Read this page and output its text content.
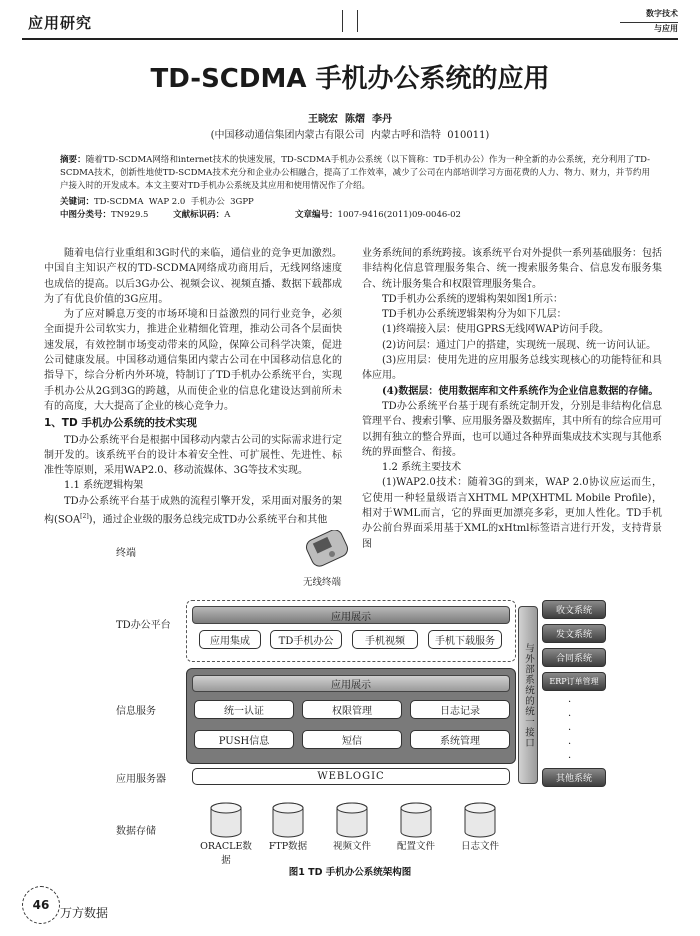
应用研究
数字技术
与应用
TD-SCDMA 手机办公系统的应用
王晓宏  陈熠  李丹
(中国移动通信集团内蒙古有限公司  内蒙古呼和浩特  010011)
摘要：随着TD-SCDMA网络和internet技术的快速发展，TD-SCDMA手机办公系统（以下简称：TD手机办公）作为一种全新的办公系统，充分利用了TD-SCDMA技术，创新性地使TD-SCDMA技术充分和企业办公相融合，提高了工作效率，减少了公司在内部培训学习方面花费的人力、物力、财力，并节约用户接入时的开发成本。本文主要对TD手机办公系统及其应用和使用情况作了介绍。
关键词：TD-SCDMA  WAP 2.0  手机办公  3GPP
中图分类号：TN929.5	文献标识码：A	文章编号：1007-9416(2011)09-0046-02

随着电信行业重组和3G时代的来临，通信业的竞争更加激烈。中国自主知识产权的TD-SCDMA网络成功商用后，无线网络速度也成倍的提高。以后3G办公、视频会议、视频直播、数据下载都成为了有优良价值的3G应用。

为了应对瞬息万变的市场环境和日益激烈的同行业竞争，必须全面提升公司软实力，推进企业精细化管理，推动公司各个层面快速发展，有效控制市场变动带来的风险，保障公司科学决策，促进公司健康发展。中国移动通信集团内蒙古公司在中国移动信息化的指导下，综合分析内外环境，特制订了TD手机办公系统平台，实现手机办公从2G到3G的跨越，从而使企业的信息化建设达到前所未有的高度，大大提高了企业的核心竞争力。

1、TD 手机办公系统的技术实现

TD办公系统平台是根据中国移动内蒙古公司的实际需求进行定制开发的。该系统平台的设计本着安全性、可扩展性、先进性、标准性等原则，采用WAP2.0、移动流媒体、3G等技术实现。

1.1 系统逻辑构架

TD办公系统平台基于成熟的流程引擎开发，采用面对服务的架构(SOA[2])，通过企业级的服务总线完成TD办公系统平台和其他

业务系统间的系统跨接。该系统平台对外提供一系列基础服务：包括非结构化信息管理服务集合、统一搜索服务集合、信息发布服务集合、统计服务集合和权限管理服务集合。

TD手机办公系统的逻辑构架如图1所示：

TD手机办公系统逻辑架构分为如下几层：

(1)终端接入层：使用GPRS无线网WAP访问手段。

(2)访问层：通过门户的搭建，实现统一展现、统一访问认证。

(3)应用层：使用先进的应用服务总线实现核心的功能特征和具体应用。

(4)数据层：使用数据库和文件系统作为企业信息数据的存储。

TD办公系统平台基于现有系统定制开发，分别是非结构化信息管理平台、搜索引擎、应用服务器及数据库，其中所有的综合应用可以拥有独立的整合界面，也可以通过各种界面集成技术实现与其他系统的界面整合、衔接。

1.2 系统主要技术

(1)WAP2.0技术：随着3G的到来，WAP 2.0协议应运而生，它使用一种轻量级语言XHTML MP(XHTML Mobile Profile)，相对于WML而言，它的界面更加漂亮多彩，更加人性化。TD手机办公前台界面采用基于XML的xHtml标签语言进行开发，支持背景图

终端
TD办公平台
信息服务
应用服务器
数据存储
无线终端
应用展示
应用集成	TD手机办公	手机视频	手机下载服务
应用展示
统一认证	权限管理	日志记录
PUSH信息	短信	系统管理
WEBLOGIC
与外部系统的统一接口
收文系统
发文系统
合同系统
ERP订单管理
·
·
·
·
·
其他系统
ORACLE数据
FTP数据	视频文件	配置文件	日志文件
图1 TD 手机办公系统架构图
46
万方数据
